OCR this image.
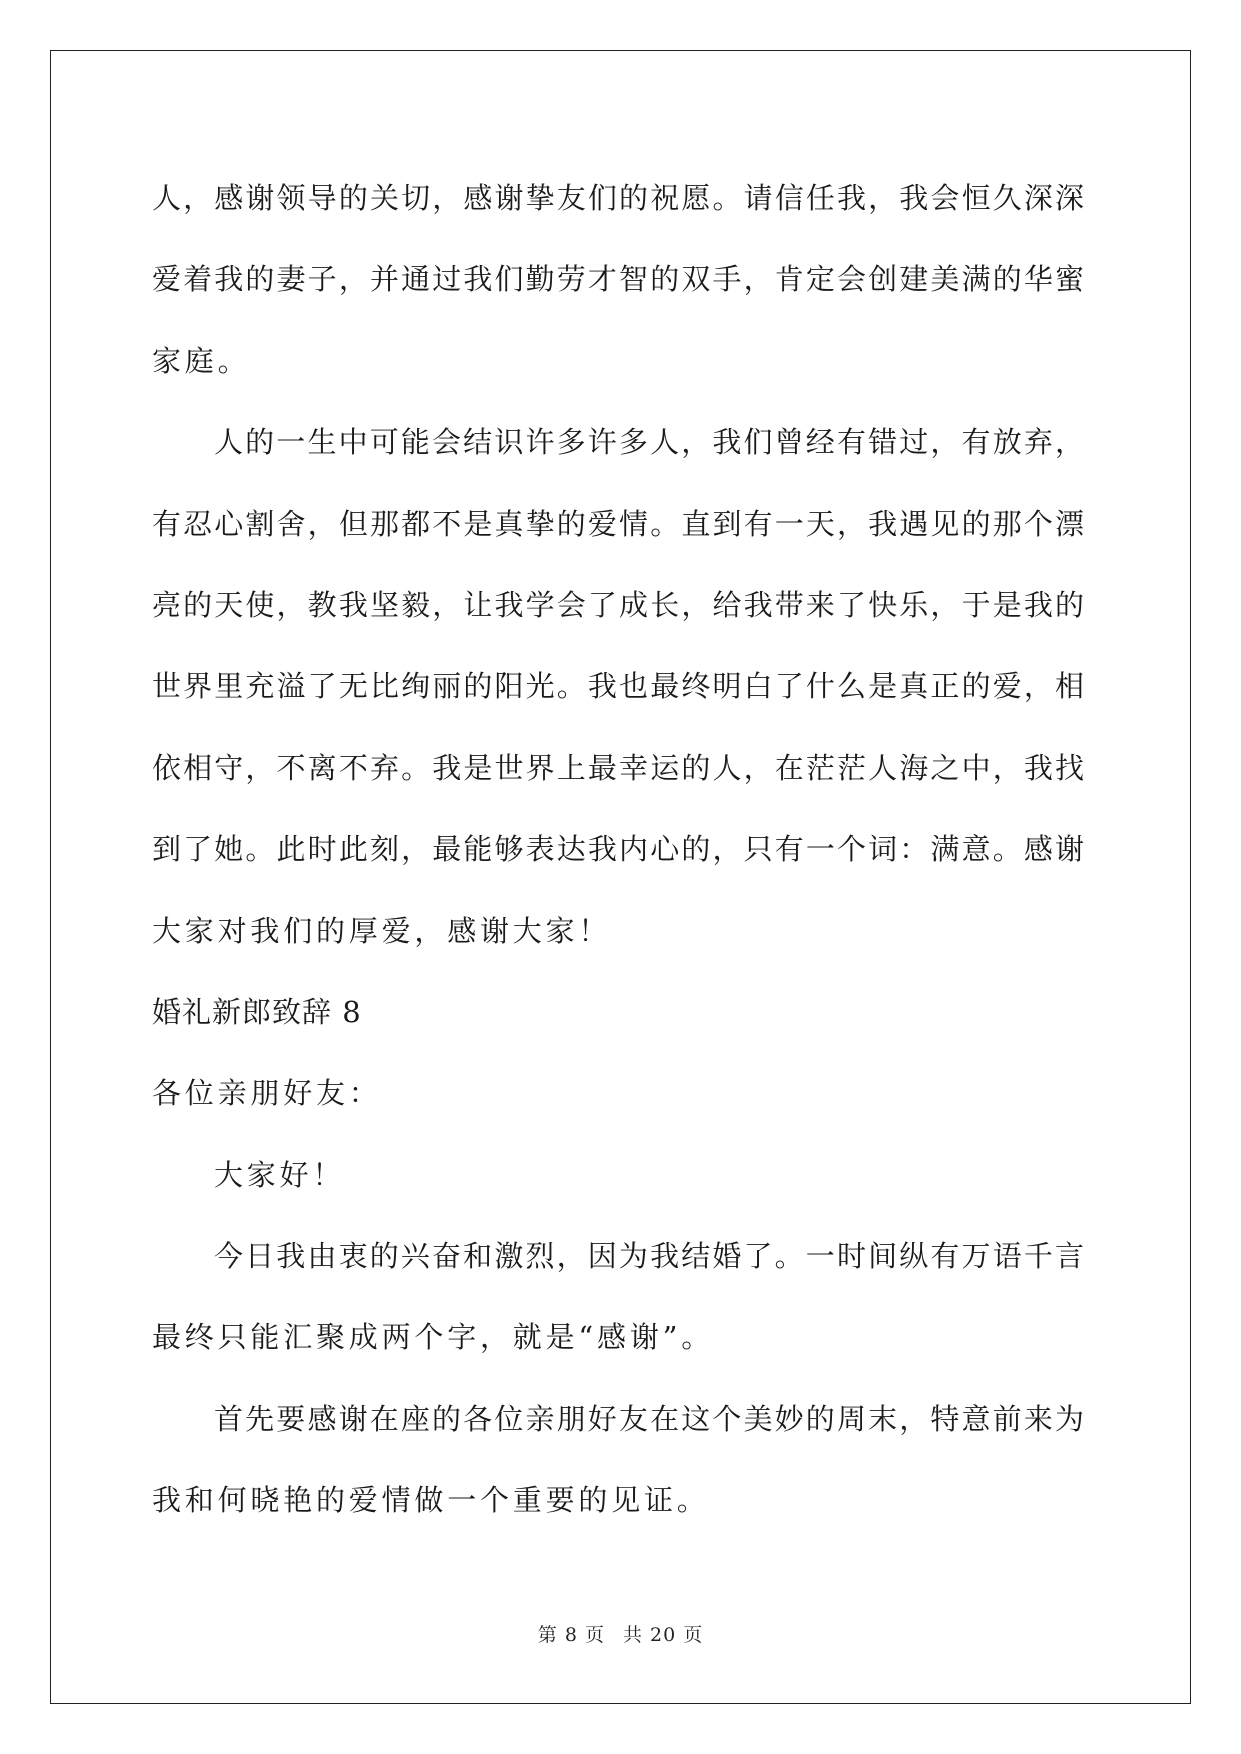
人，感谢领导的关切，感谢挚友们的祝愿。请信任我，我会恒久深深
爱着我的妻子，并通过我们勤劳才智的双手，肯定会创建美满的华蜜
家庭。
人的一生中可能会结识许多许多人，我们曾经有错过，有放弃，
有忍心割舍，但那都不是真挚的爱情。直到有一天，我遇见的那个漂
亮的天使，教我坚毅，让我学会了成长，给我带来了快乐，于是我的
世界里充溢了无比绚丽的阳光。我也最终明白了什么是真正的爱，相
依相守，不离不弃。我是世界上最幸运的人，在茫茫人海之中，我找
到了她。此时此刻，最能够表达我内心的，只有一个词：满意。感谢
大家对我们的厚爱，感谢大家！
婚礼新郎致辞 8
各位亲朋好友：
大家好！
今日我由衷的兴奋和激烈，因为我结婚了。一时间纵有万语千言
最终只能汇聚成两个字，就是“感谢”。
首先要感谢在座的各位亲朋好友在这个美妙的周末，特意前来为
我和何晓艳的爱情做一个重要的见证。
第 8 页 共 20 页
